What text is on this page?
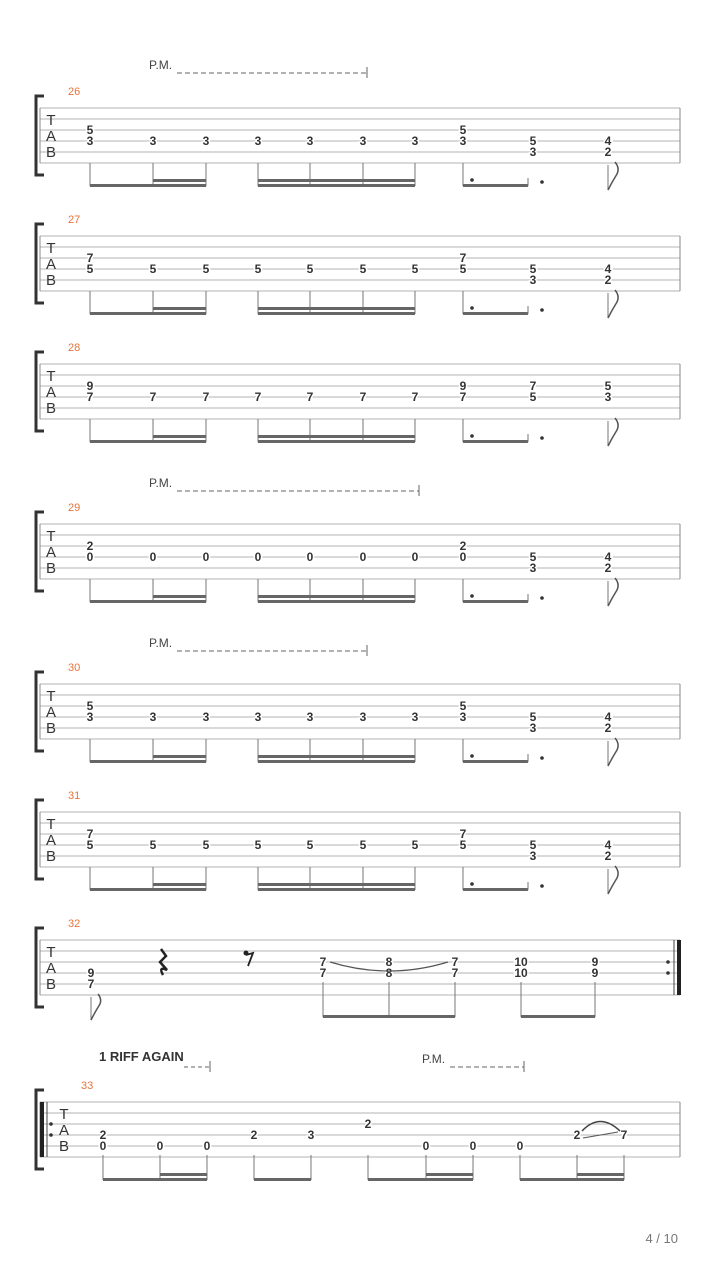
P.M.
26
T
A
B
5
3	3	3	3	3	3	3
5
3	5
3
4
2
27
T
A
B
7
5	5	5	5	5	5	5
7
5	5
3
4
2
28
T
A
B
9
7	7	7	7	7	7	7
9
7
7
5
5
3
P.M.
29
T
A
B
2
0	0	0	0	0	0	0
2
0	5
3
4
2
P.M.
30
T
A
B
5
3	3	3	3	3	3	3
5
3	5
3
4
2
31
T
A
B
7
5	5	5	5	5	5	5
7
5	5
3
4
2
32
T
A
B
9
7
7
7
8
8
7
7
10
10
9
9
P.M.
1 RIFF AGAIN
33
T
A
B
2
0	0	0
2	3
2
0	0	0
2	7
4 / 10
